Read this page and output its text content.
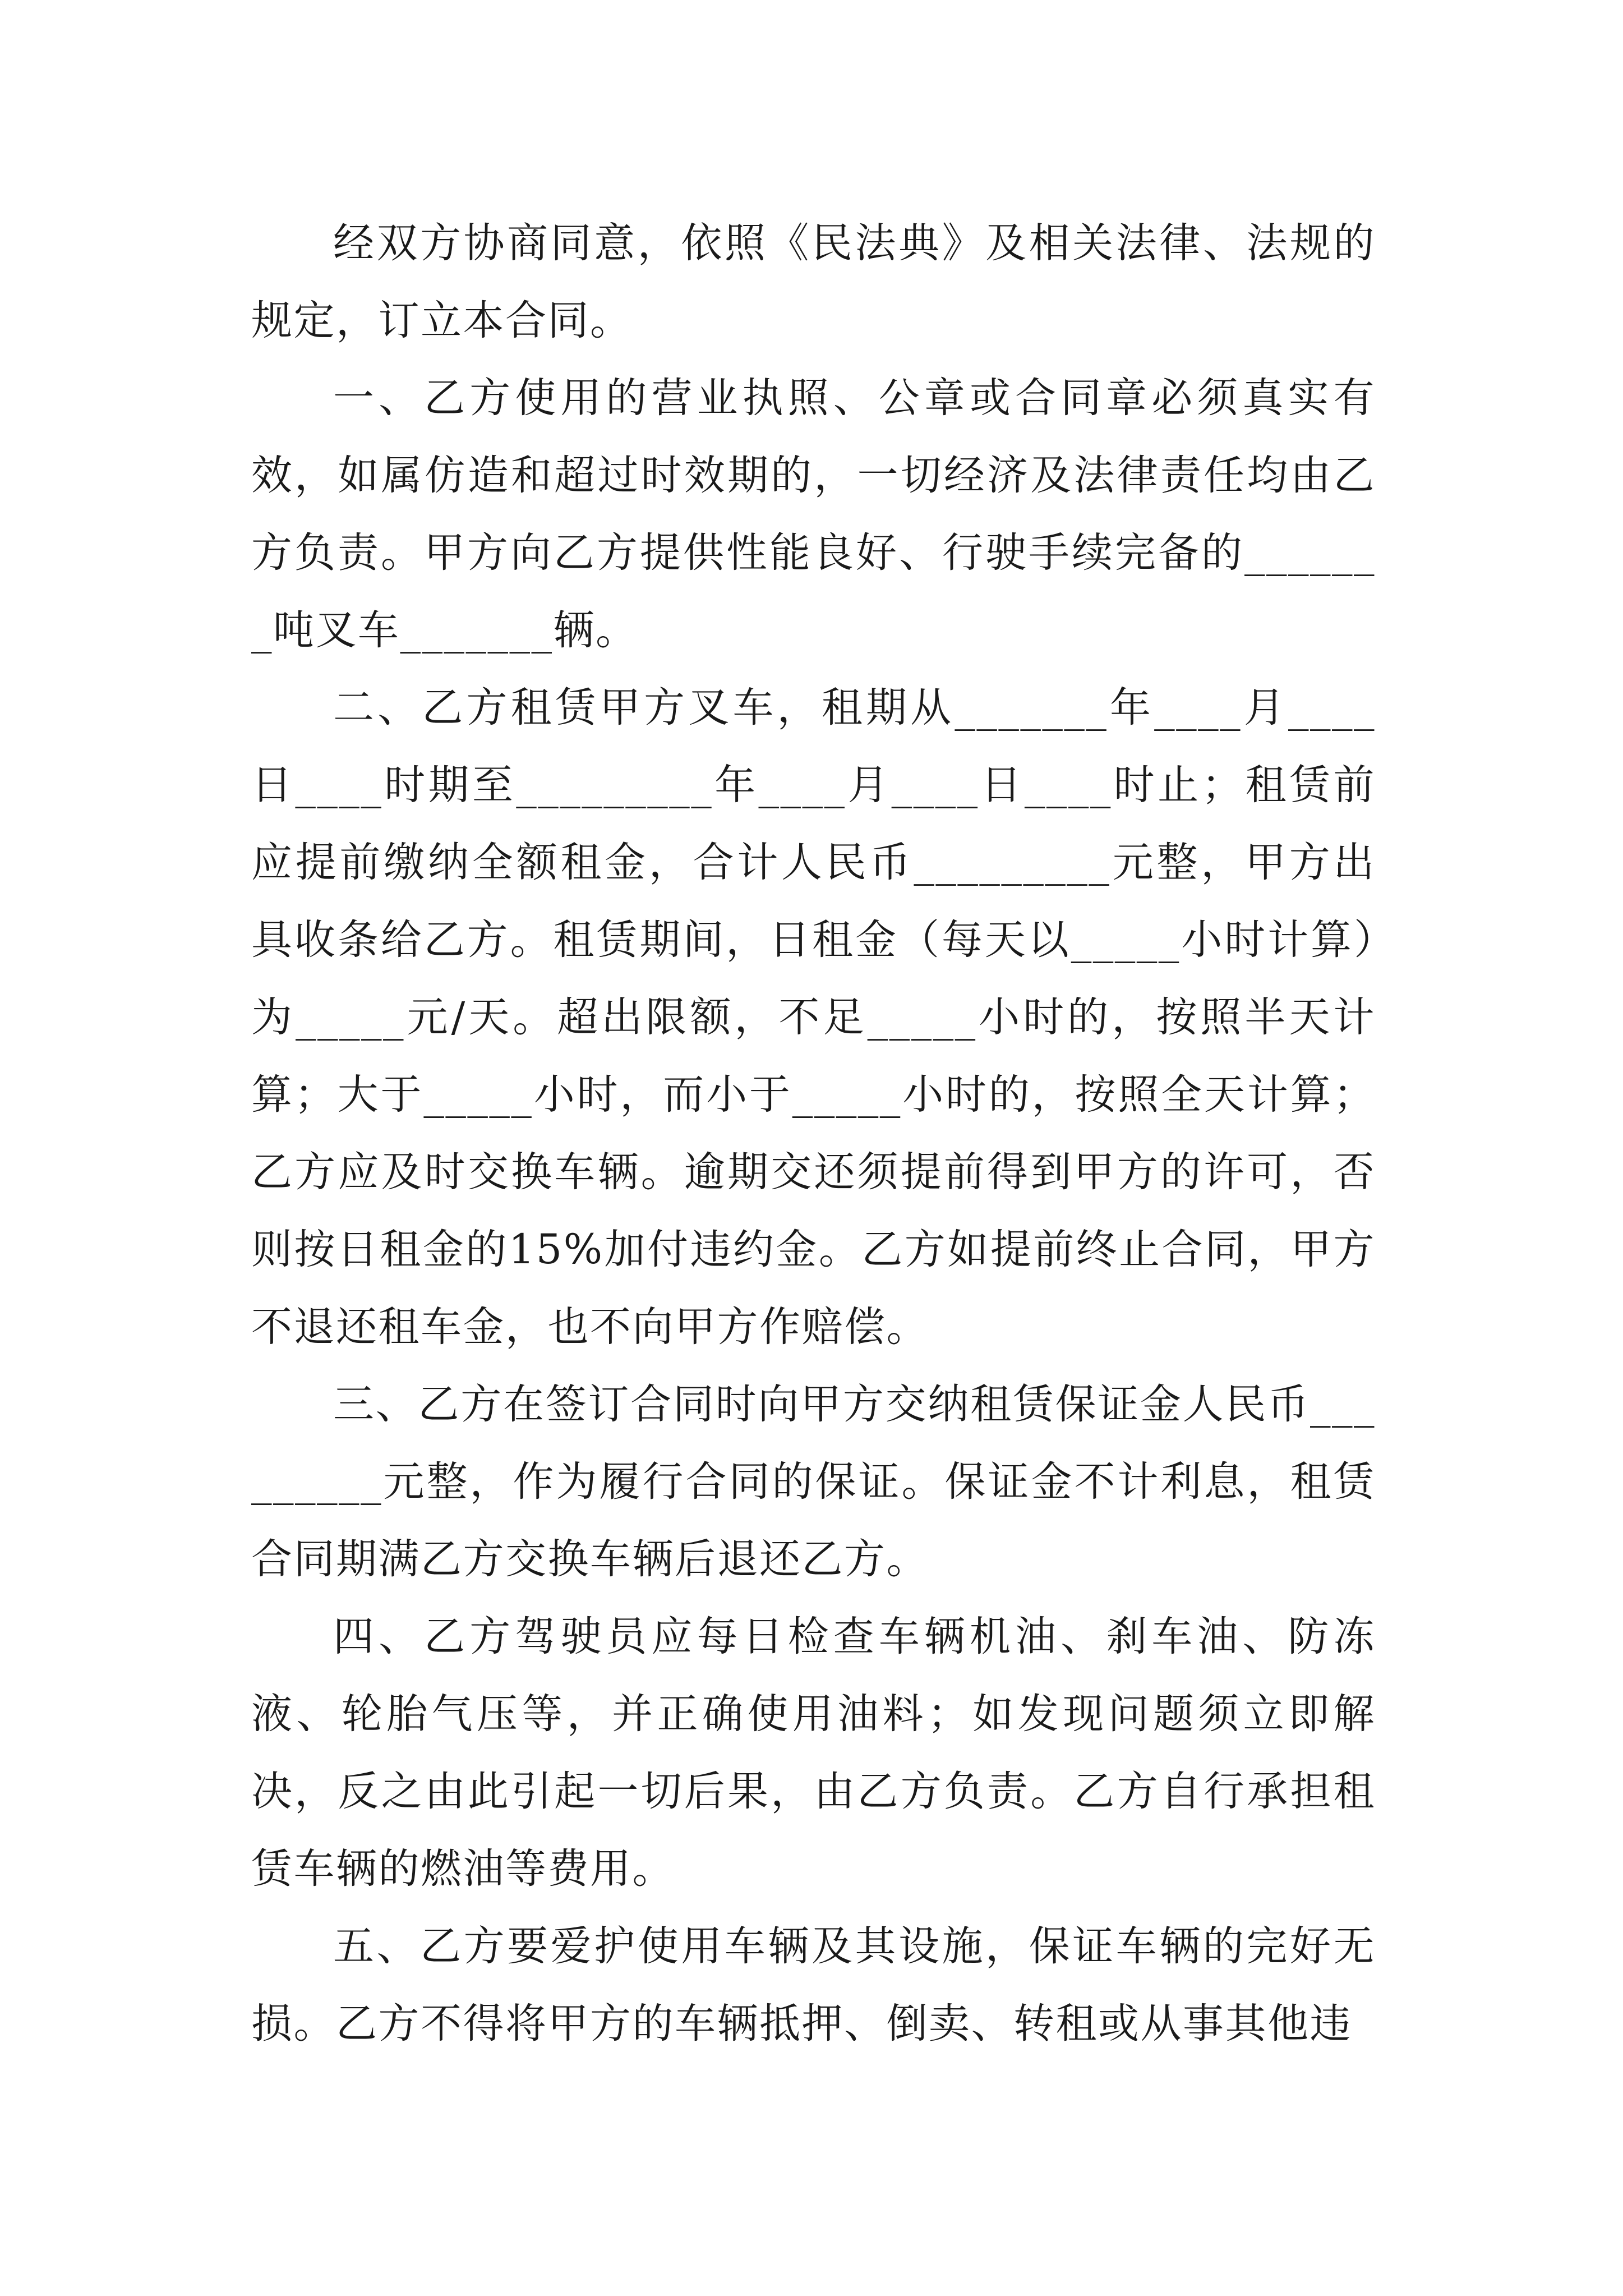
经双方协商同意，依照《民法典》及相关法律、法规的规定，订立本合同。

一、乙方使用的营业执照、公章或合同章必须真实有效，如属仿造和超过时效期的，一切经济及法律责任均由乙方负责。甲方向乙方提供性能良好、行驶手续完备的_______吨叉车_______辆。

二、乙方租赁甲方叉车，租期从_______年____月____日____时期至_________年____月____日____时止；租赁前应提前缴纳全额租金，合计人民币_________元整，甲方出具收条给乙方。租赁期间，日租金（每天以_____小时计算）为_____元/天。超出限额，不足_____小时的，按照半天计算；大于_____小时，而小于_____小时的，按照全天计算；乙方应及时交换车辆。逾期交还须提前得到甲方的许可，否则按日租金的15%加付违约金。乙方如提前终止合同，甲方不退还租车金，也不向甲方作赔偿。

三、乙方在签订合同时向甲方交纳租赁保证金人民币_________元整，作为履行合同的保证。保证金不计利息，租赁合同期满乙方交换车辆后退还乙方。

四、乙方驾驶员应每日检查车辆机油、刹车油、防冻液、轮胎气压等，并正确使用油料；如发现问题须立即解决，反之由此引起一切后果，由乙方负责。乙方自行承担租赁车辆的燃油等费用。

五、乙方要爱护使用车辆及其设施，保证车辆的完好无损。乙方不得将甲方的车辆抵押、倒卖、转租或从事其他违
